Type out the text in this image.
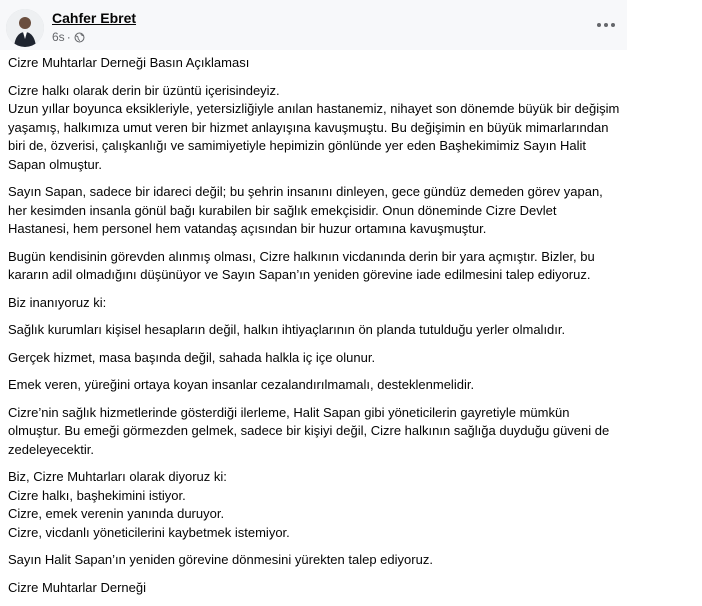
Cahfer Ebret
6s ·

Cizre Muhtarlar Derneği Basın Açıklaması

Cizre halkı olarak derin bir üzüntü içerisindeyiz.
Uzun yıllar boyunca eksikleriyle, yetersizliğiyle anılan hastanemiz, nihayet son dönemde büyük bir değişim yaşamış, halkımıza umut veren bir hizmet anlayışına kavuşmuştu. Bu değişimin en büyük mimarlarından biri de, özverisi, çalışkanlığı ve samimiyetiyle hepimizin gönlünde yer eden Başhekimimiz Sayın Halit Sapan olmuştur.

Sayın Sapan, sadece bir idareci değil; bu şehrin insanını dinleyen, gece gündüz demeden görev yapan, her kesimden insanla gönül bağı kurabilen bir sağlık emekçisidir. Onun döneminde Cizre Devlet Hastanesi, hem personel hem vatandaş açısından bir huzur ortamına kavuşmuştur.

Bugün kendisinin görevden alınmış olması, Cizre halkının vicdanında derin bir yara açmıştır. Bizler, bu kararın adil olmadığını düşünüyor ve Sayın Sapan’ın yeniden görevine iade edilmesini talep ediyoruz.

Biz inanıyoruz ki:

Sağlık kurumları kişisel hesapların değil, halkın ihtiyaçlarının ön planda tutulduğu yerler olmalıdır.

Gerçek hizmet, masa başında değil, sahada halkla iç içe olunur.

Emek veren, yüreğini ortaya koyan insanlar cezalandırılmamalı, desteklenmelidir.

Cizre’nin sağlık hizmetlerinde gösterdiği ilerleme, Halit Sapan gibi yöneticilerin gayretiyle mümkün olmuştur. Bu emeği görmezden gelmek, sadece bir kişiyi değil, Cizre halkının sağlığa duyduğu güveni de zedeleyecektir.

Biz, Cizre Muhtarları olarak diyoruz ki:
Cizre halkı, başhekimini istiyor.
Cizre, emek verenin yanında duruyor.
Cizre, vicdanlı yöneticilerini kaybetmek istemiyor.

Sayın Halit Sapan’ın yeniden görevine dönmesini yürekten talep ediyoruz.

Cizre Muhtarlar Derneği
